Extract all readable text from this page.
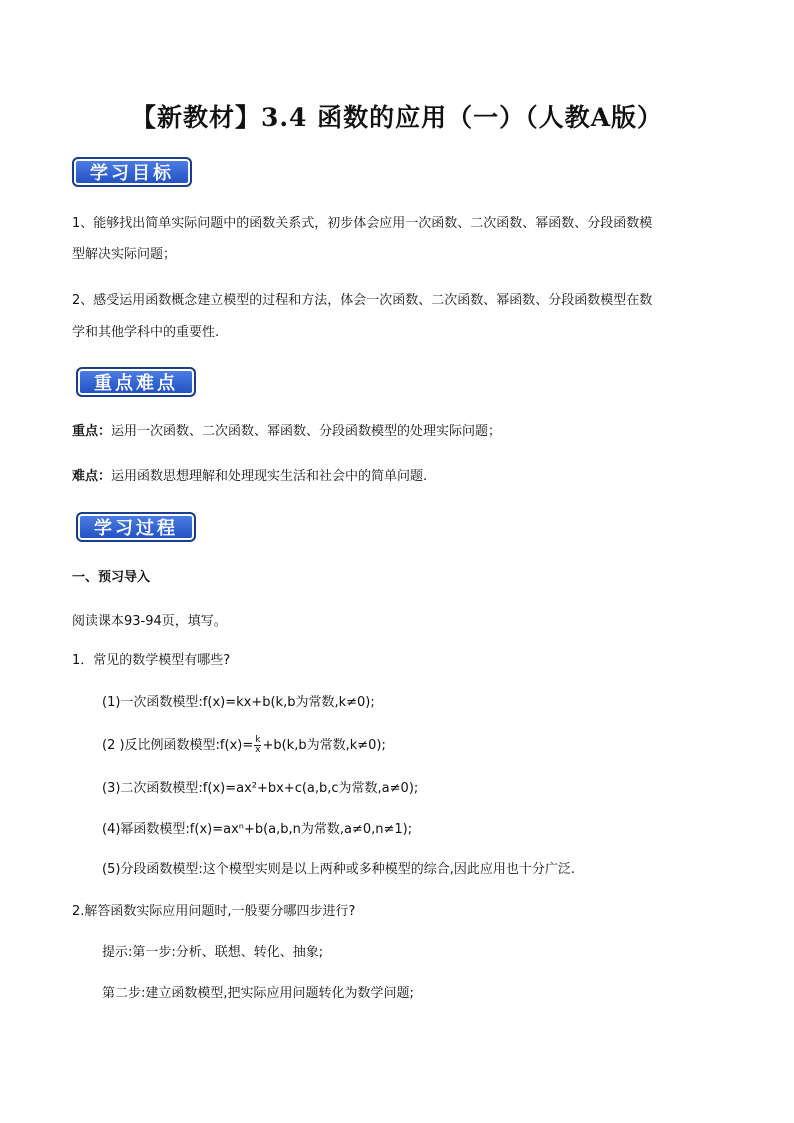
【新教材】3.4 函数的应用（一）（人教A版）
学习目标
1、能够找出简单实际问题中的函数关系式，初步体会应用一次函数、二次函数、幂函数、分段函数模
型解决实际问题；
2、感受运用函数概念建立模型的过程和方法，体会一次函数、二次函数、幂函数、分段函数模型在数
学和其他学科中的重要性.
重点难点
重点：运用一次函数、二次函数、幂函数、分段函数模型的处理实际问题；
难点：运用函数思想理解和处理现实生活和社会中的简单问题.
学习过程
一、预习导入
阅读课本93-94页，填写。
1．常见的数学模型有哪些?
(1)一次函数模型:f(x)=kx+b(k,b为常数,k≠0);
(2 )反比例函数模型:f(x)= $\frac{k}{x} +b(k,b$为常数,k≠0);
(3)二次函数模型:f(x)=ax²+bx+c(a,b,c为常数,a≠0);
(4)幂函数模型:f(x)=axⁿ+b(a,b,n为常数,a≠0,n≠1);
(5)分段函数模型:这个模型实则是以上两种或多种模型的综合,因此应用也十分广泛.
2.解答函数实际应用问题时,一般要分哪四步进行?
提示:第一步:分析、联想、转化、抽象;
第二步:建立函数模型,把实际应用问题转化为数学问题;
